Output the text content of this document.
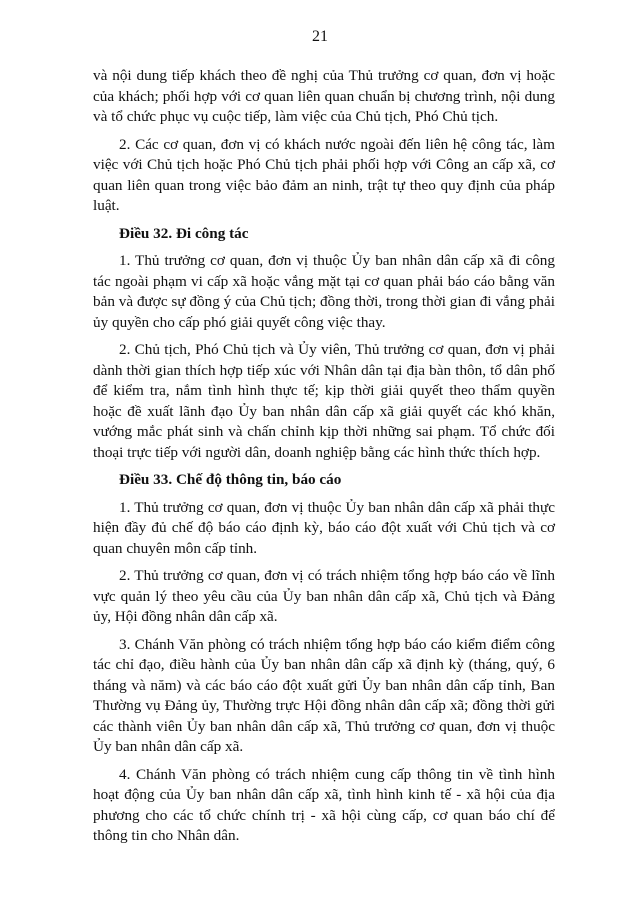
21

và nội dung tiếp khách theo đề nghị của Thủ trưởng cơ quan, đơn vị hoặc của khách; phối hợp với cơ quan liên quan chuẩn bị chương trình, nội dung và tổ chức phục vụ cuộc tiếp, làm việc của Chủ tịch, Phó Chủ tịch.

2. Các cơ quan, đơn vị có khách nước ngoài đến liên hệ công tác, làm việc với Chủ tịch hoặc Phó Chủ tịch phải phối hợp với Công an cấp xã, cơ quan liên quan trong việc bảo đảm an ninh, trật tự theo quy định của pháp luật.

Điều 32. Đi công tác

1. Thủ trưởng cơ quan, đơn vị thuộc Ủy ban nhân dân cấp xã đi công tác ngoài phạm vi cấp xã hoặc vắng mặt tại cơ quan phải báo cáo bằng văn bản và được sự đồng ý của Chủ tịch; đồng thời, trong thời gian đi vắng phải ủy quyền cho cấp phó giải quyết công việc thay.

2. Chủ tịch, Phó Chủ tịch và Ủy viên, Thủ trưởng cơ quan, đơn vị phải dành thời gian thích hợp tiếp xúc với Nhân dân tại địa bàn thôn, tổ dân phố để kiểm tra, nắm tình hình thực tế; kịp thời giải quyết theo thẩm quyền hoặc đề xuất lãnh đạo Ủy ban nhân dân cấp xã giải quyết các khó khăn, vướng mắc phát sinh và chấn chỉnh kịp thời những sai phạm. Tổ chức đối thoại trực tiếp với người dân, doanh nghiệp bằng các hình thức thích hợp.

Điều 33. Chế độ thông tin, báo cáo

1. Thủ trưởng cơ quan, đơn vị thuộc Ủy ban nhân dân cấp xã phải thực hiện đầy đủ chế độ báo cáo định kỳ, báo cáo đột xuất với Chủ tịch và cơ quan chuyên môn cấp tỉnh.

2. Thủ trưởng cơ quan, đơn vị có trách nhiệm tổng hợp báo cáo về lĩnh vực quản lý theo yêu cầu của Ủy ban nhân dân cấp xã, Chủ tịch và Đảng ủy, Hội đồng nhân dân cấp xã.

3. Chánh Văn phòng có trách nhiệm tổng hợp báo cáo kiểm điểm công tác chỉ đạo, điều hành của Ủy ban nhân dân cấp xã định kỳ (tháng, quý, 6 tháng và năm) và các báo cáo đột xuất gửi Ủy ban nhân dân cấp tỉnh, Ban Thường vụ Đảng ủy, Thường trực Hội đồng nhân dân cấp xã; đồng thời gửi các thành viên Ủy ban nhân dân cấp xã, Thủ trưởng cơ quan, đơn vị thuộc Ủy ban nhân dân cấp xã.

4. Chánh Văn phòng có trách nhiệm cung cấp thông tin về tình hình hoạt động của Ủy ban nhân dân cấp xã, tình hình kinh tế - xã hội của địa phương cho các tổ chức chính trị - xã hội cùng cấp, cơ quan báo chí để thông tin cho Nhân dân.
